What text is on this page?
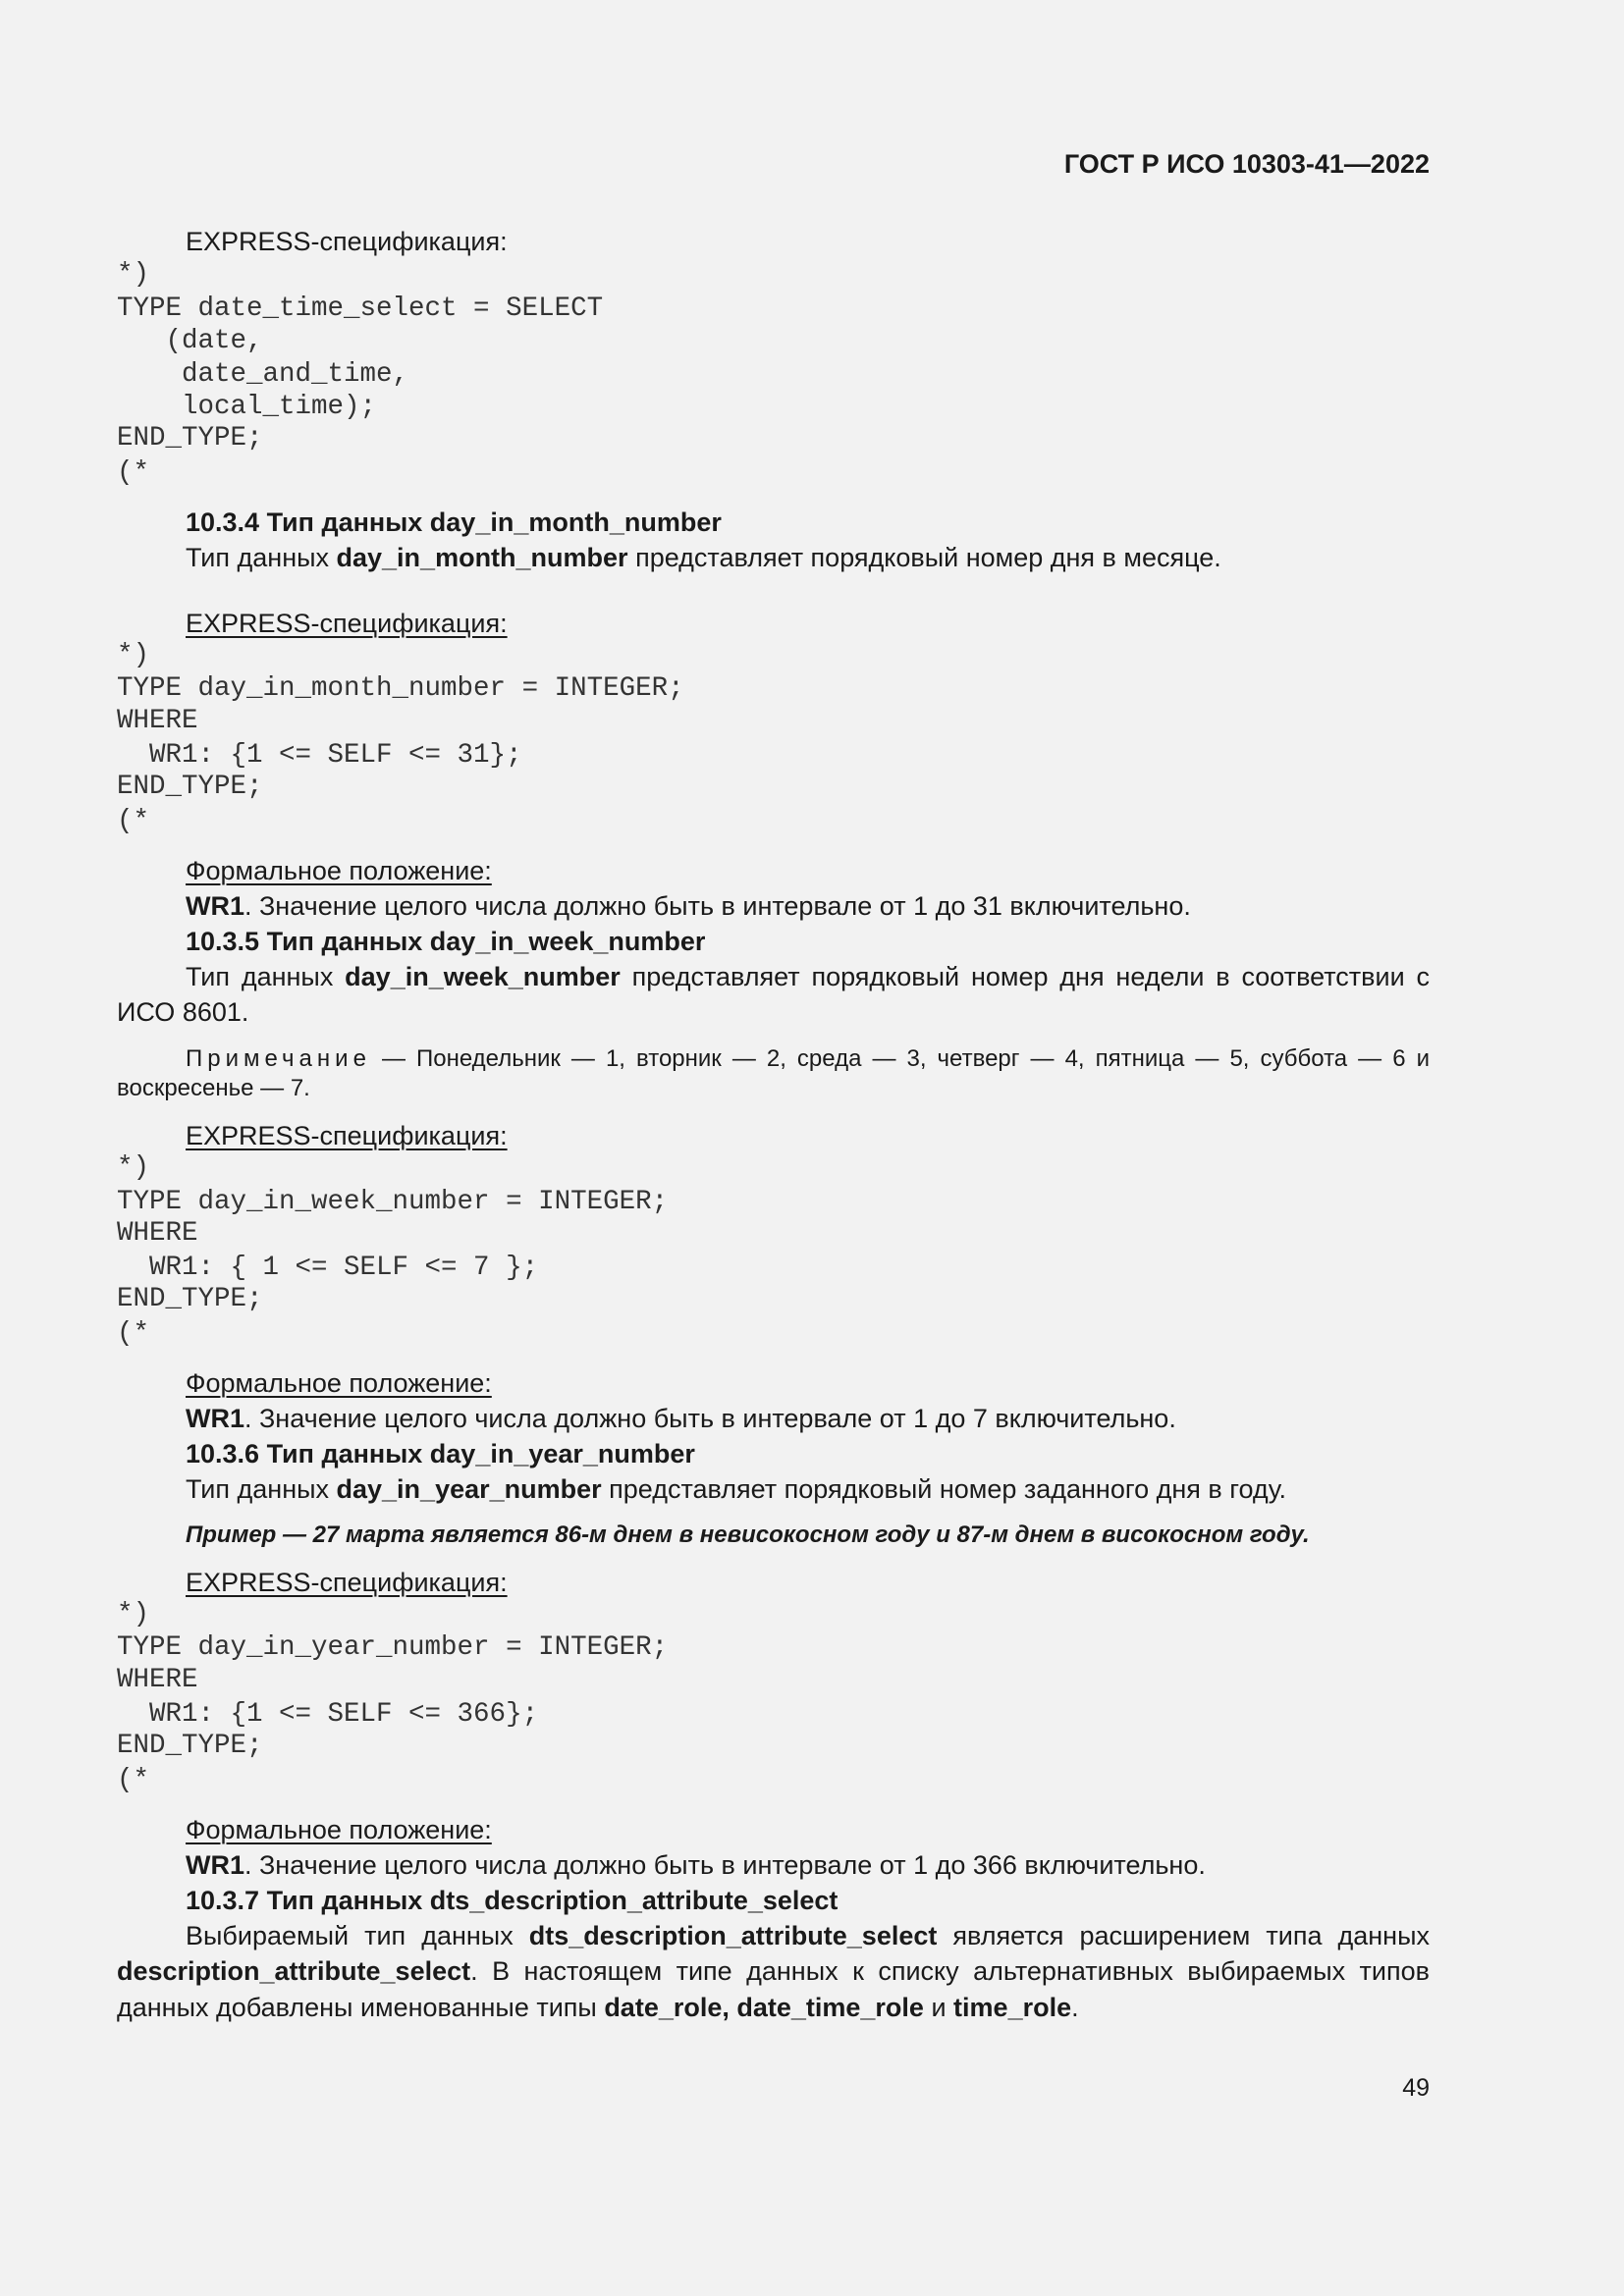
ГОСТ Р ИСО 10303-41—2022
EXPRESS-спецификация:
*)
TYPE date_time_select = SELECT
(date,
date_and_time,
local_time);
END_TYPE;
(*
10.3.4 Тип данных day_in_month_number
Тип данных day_in_month_number представляет порядковый номер дня в месяце.
EXPRESS-спецификация:
*)
TYPE day_in_month_number = INTEGER;
WHERE
WR1: {1 <= SELF <= 31};
END_TYPE;
(*
Формальное положение:
WR1. Значение целого числа должно быть в интервале от 1 до 31 включительно.
10.3.5 Тип данных day_in_week_number
Тип данных day_in_week_number представляет порядковый номер дня недели в соответствии с
ИСО 8601.
Примечание — Понедельник — 1, вторник — 2, среда — 3, четверг — 4, пятница — 5, суббота — 6 и
воскресенье — 7.
EXPRESS-спецификация:
*)
TYPE day_in_week_number = INTEGER;
WHERE
WR1: { 1 <= SELF <= 7 };
END_TYPE;
(*
Формальное положение:
WR1. Значение целого числа должно быть в интервале от 1 до 7 включительно.
10.3.6 Тип данных day_in_year_number
Тип данных day_in_year_number представляет порядковый номер заданного дня в году.
Пример — 27 марта является 86-м днем в невисокосном году и 87-м днем в високосном году.
EXPRESS-спецификация:
*)
TYPE day_in_year_number = INTEGER;
WHERE
WR1: {1 <= SELF <= 366};
END_TYPE;
(*
Формальное положение:
WR1. Значение целого числа должно быть в интервале от 1 до 366 включительно.
10.3.7 Тип данных dts_description_attribute_select
Выбираемый тип данных dts_description_attribute_select является расширением типа данных
description_attribute_select. В настоящем типе данных к списку альтернативных выбираемых типов
данных добавлены именованные типы date_role, date_time_role и time_role.
49
